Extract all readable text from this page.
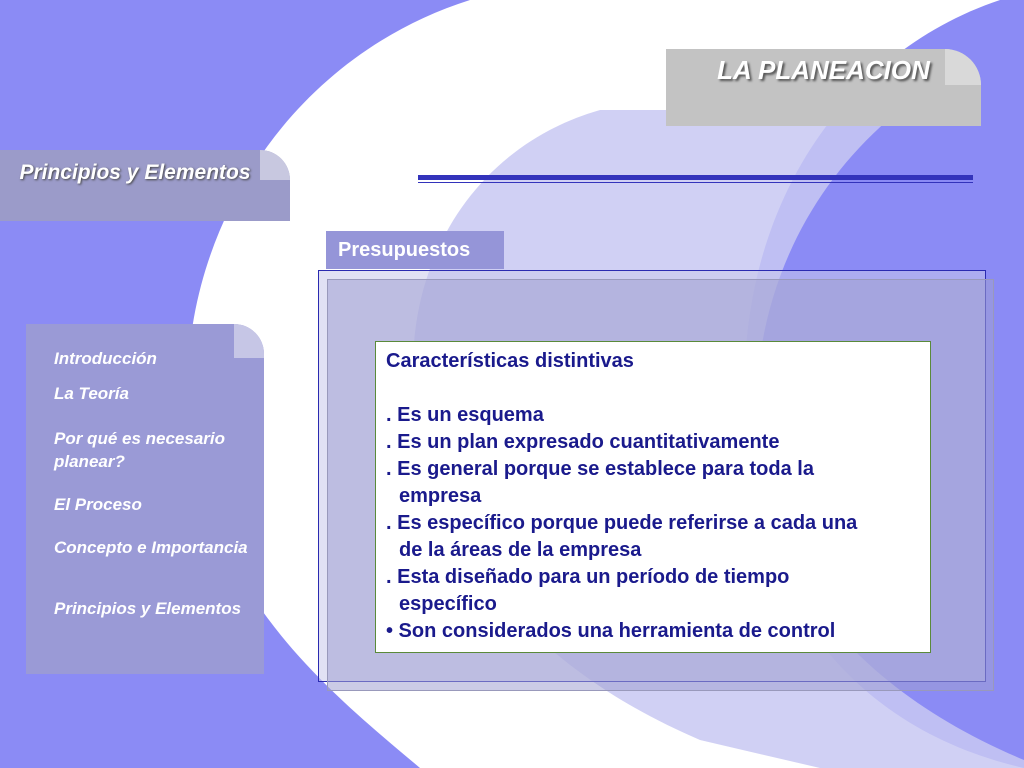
LA PLANEACION
Principios y Elementos
Introducción
La Teoría
Por qué es necesario planear?
El Proceso
Concepto e Importancia
Principios y Elementos
Presupuestos

Características distintivas

. Es un esquema

. Es un plan expresado cuantitativamente

. Es general porque se establece para toda la

empresa

. Es específico porque puede referirse a cada una

de la áreas de la empresa

. Esta diseñado para un período de tiempo

específico

• Son considerados una herramienta de control
